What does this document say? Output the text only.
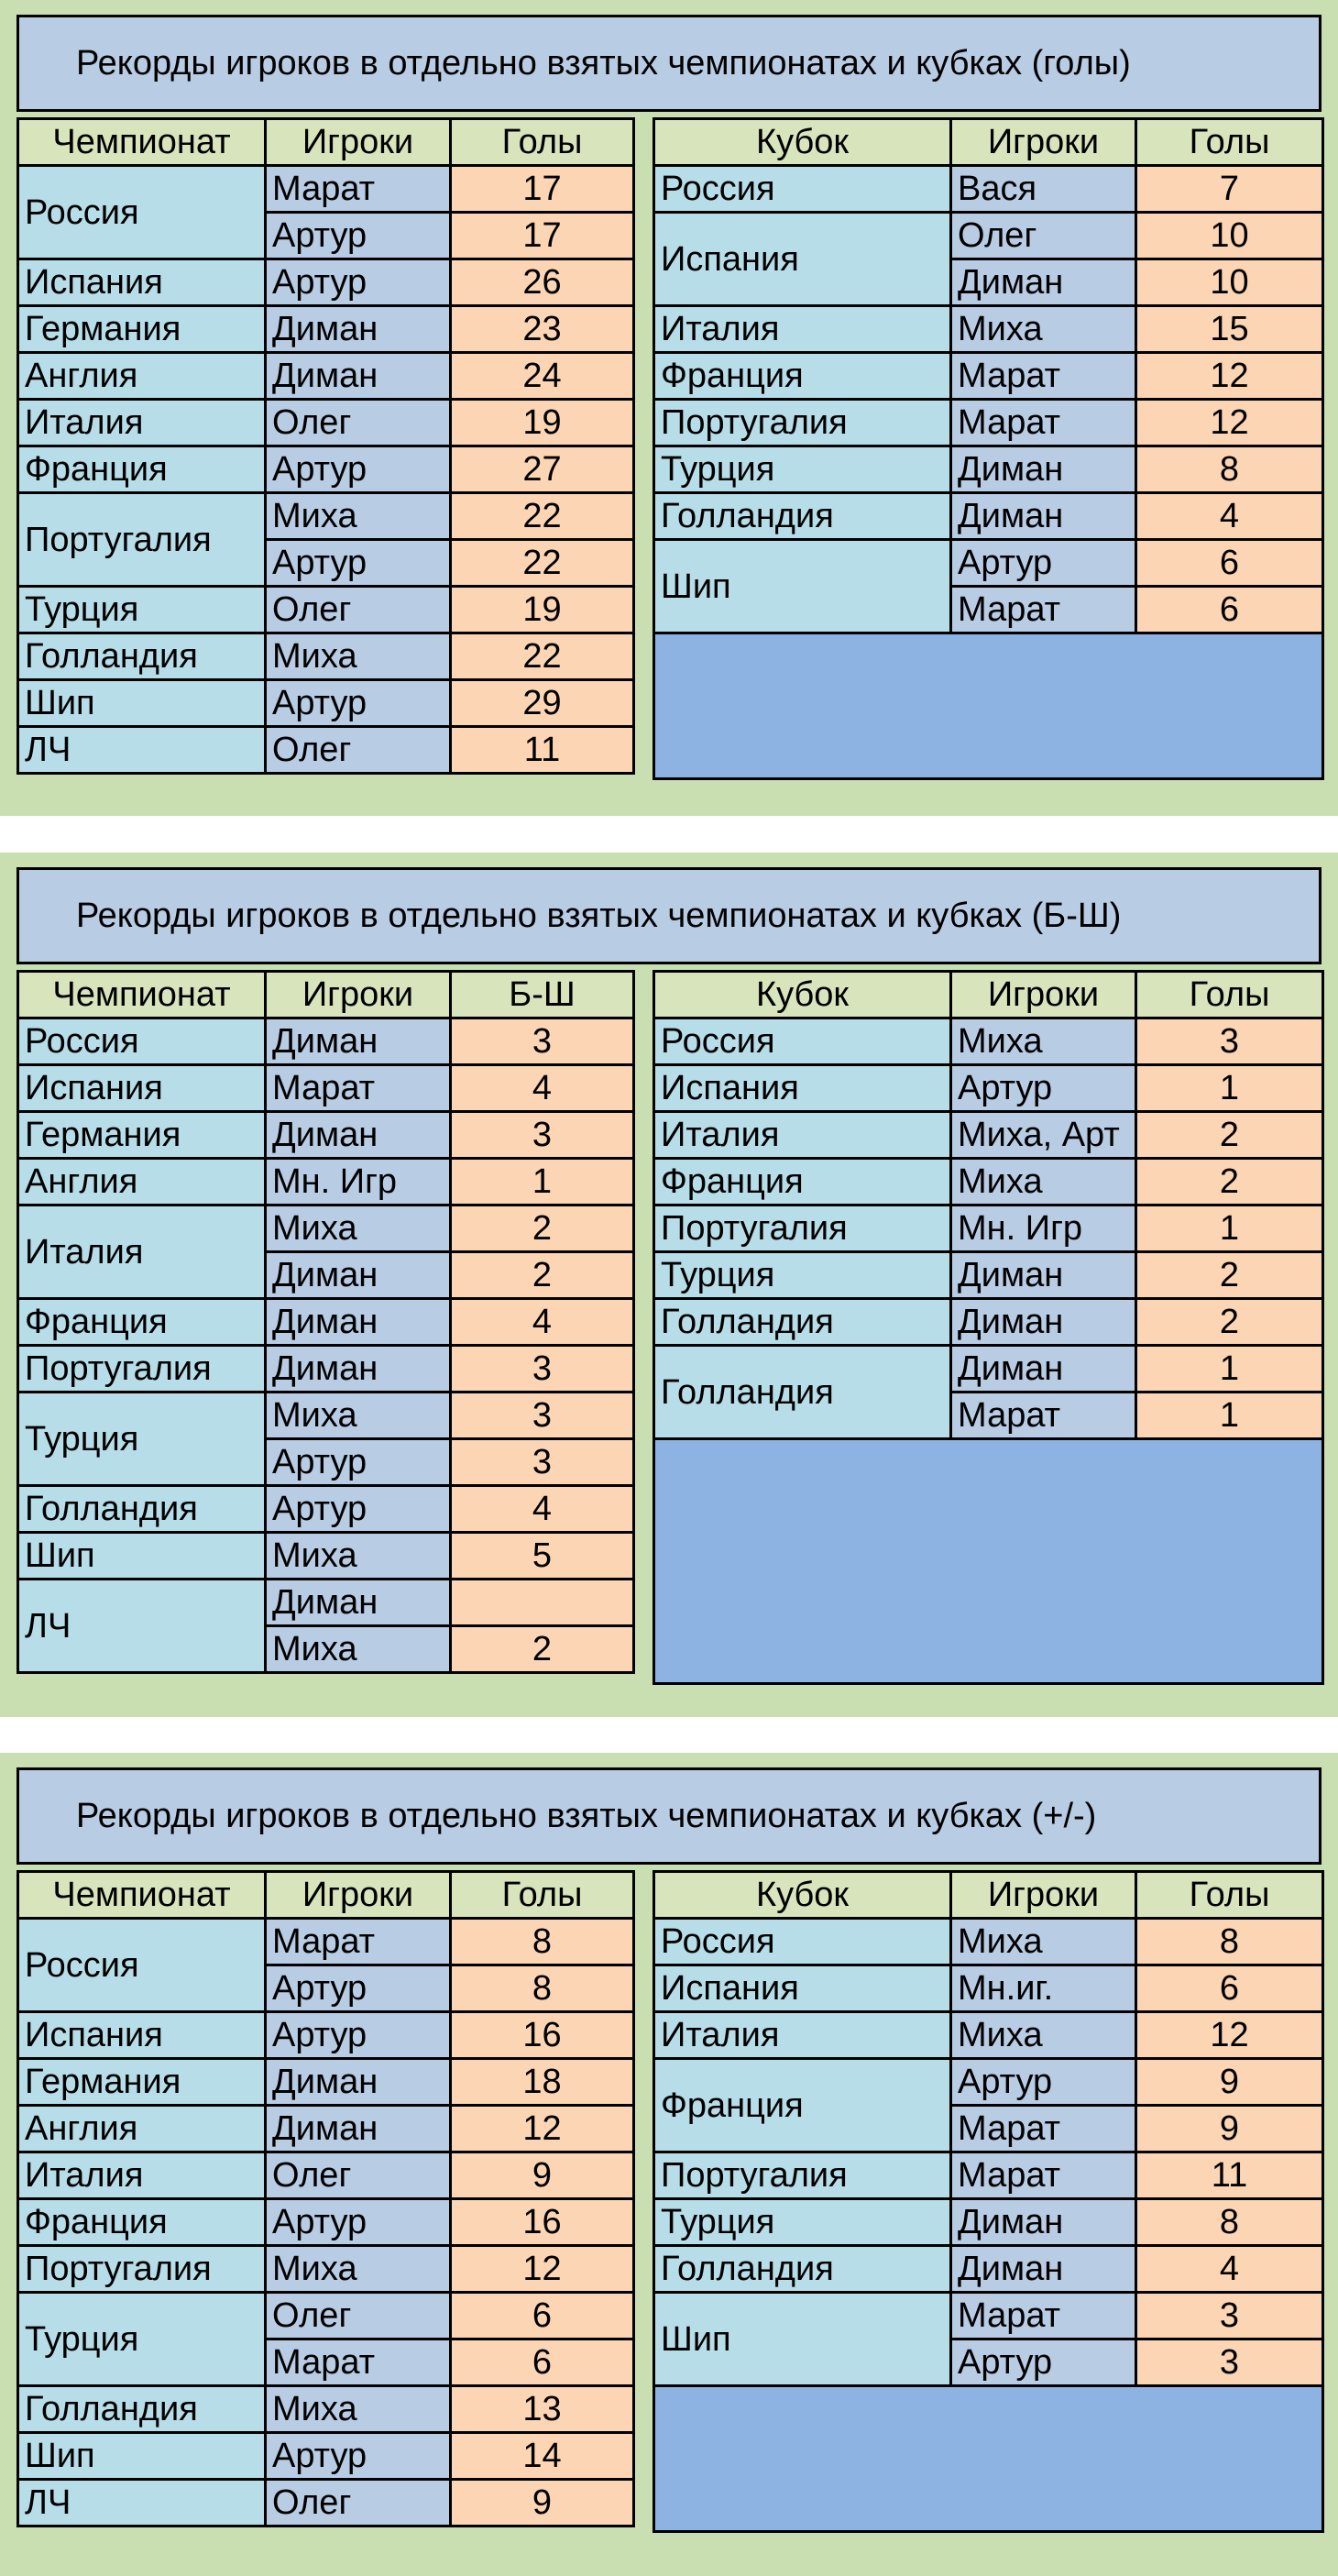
Рекорды игроков в отдельно взятых чемпионатах и кубках (голы)
Чемпионат	Игроки	Голы
Россия	Марат	17
	Артур	17
Испания	Артур	26
Германия	Диман	23
Англия	Диман	24
Италия	Олег	19
Франция	Артур	27
Португалия	Миха	22
	Артур	22
Турция	Олег	19
Голландия	Миха	22
Шип	Артур	29
ЛЧ	Олег	11
Кубок	Игроки	Голы
Россия	Вася	7
Испания	Олег	10
	Диман	10
Италия	Миха	15
Франция	Марат	12
Португалия	Марат	12
Турция	Диман	8
Голландия	Диман	4
Шип	Артур	6
	Марат	6

Рекорды игроков в отдельно взятых чемпионатах и кубках (Б-Ш)
Чемпионат	Игроки	Б-Ш
Россия	Диман	3
Испания	Марат	4
Германия	Диман	3
Англия	Мн. Игр	1
Италия	Миха	2
	Диман	2
Франция	Диман	4
Португалия	Диман	3
Турция	Миха	3
	Артур	3
Голландия	Артур	4
Шип	Миха	5
ЛЧ	Диман	
	Миха	2
Кубок	Игроки	Голы
Россия	Миха	3
Испания	Артур	1
Италия	Миха, Арт	2
Франция	Миха	2
Португалия	Мн. Игр	1
Турция	Диман	2
Голландия	Диман	2
Голландия	Диман	1
	Марат	1

Рекорды игроков в отдельно взятых чемпионатах и кубках (+/-)
Чемпионат	Игроки	Голы
Россия	Марат	8
	Артур	8
Испания	Артур	16
Германия	Диман	18
Англия	Диман	12
Италия	Олег	9
Франция	Артур	16
Португалия	Миха	12
Турция	Олег	6
	Марат	6
Голландия	Миха	13
Шип	Артур	14
ЛЧ	Олег	9
Кубок	Игроки	Голы
Россия	Миха	8
Испания	Мн.иг.	6
Италия	Миха	12
Франция	Артур	9
	Марат	9
Португалия	Марат	11
Турция	Диман	8
Голландия	Диман	4
Шип	Марат	3
	Артур	3
